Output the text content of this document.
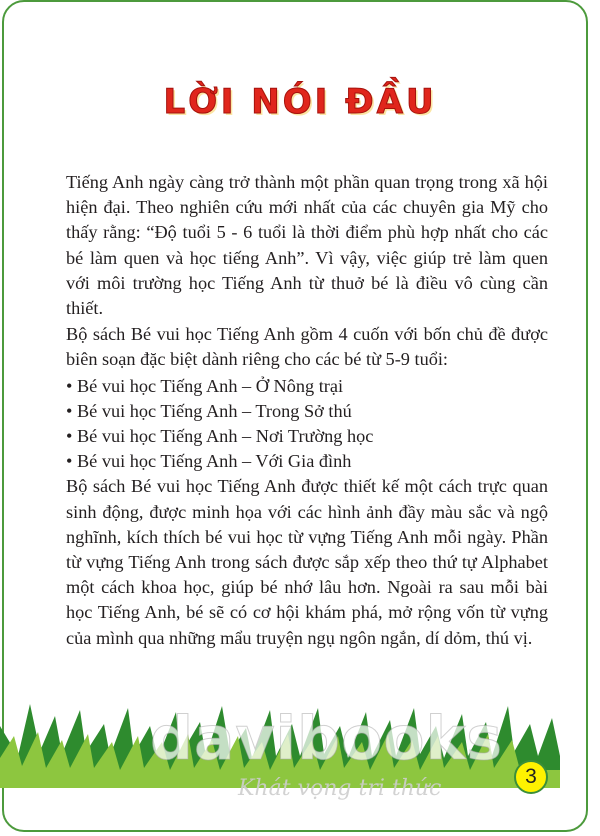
LỜI NÓI ĐẦU

Tiếng Anh ngày càng trở thành một phần quan trọng trong xã hội hiện đại. Theo nghiên cứu mới nhất của các chuyên gia Mỹ cho thấy rằng: “Độ tuổi 5 - 6 tuổi là thời điểm phù hợp nhất cho các bé làm quen và học tiếng Anh”. Vì vậy, việc giúp trẻ làm quen với môi trường học Tiếng Anh từ thuở bé là điều vô cùng cần thiết.

Bộ sách Bé vui học Tiếng Anh gồm 4 cuốn với bốn chủ đề được biên soạn đặc biệt dành riêng cho các bé từ 5-9 tuổi:

• Bé vui học Tiếng Anh – Ở Nông trại

• Bé vui học Tiếng Anh – Trong Sở thú

• Bé vui học Tiếng Anh – Nơi Trường học

• Bé vui học Tiếng Anh – Với Gia đình

Bộ sách Bé vui học Tiếng Anh được thiết kế một cách trực quan sinh động, được minh họa với các hình ảnh đầy màu sắc và ngộ nghĩnh, kích thích bé vui học từ vựng Tiếng Anh mỗi ngày. Phần từ vựng Tiếng Anh trong sách được sắp xếp theo thứ tự Alphabet một cách khoa học, giúp bé nhớ lâu hơn. Ngoài ra sau mỗi bài học Tiếng Anh, bé sẽ có cơ hội khám phá, mở rộng vốn từ vựng của mình qua những mẩu truyện ngụ ngôn ngắn, dí dỏm, thú vị.

davibooks
Khát vọng tri thức	3
